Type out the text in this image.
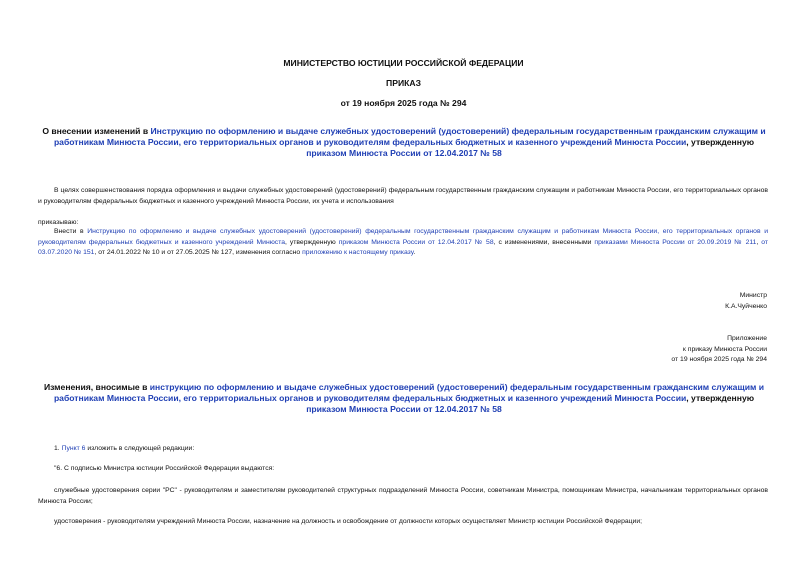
МИНИСТЕРСТВО ЮСТИЦИИ РОССИЙСКОЙ ФЕДЕРАЦИИ
ПРИКАЗ
от 19 ноября 2025 года № 294
О внесении изменений в Инструкцию по оформлению и выдаче служебных удостоверений (удостоверений) федеральным государственным гражданским служащим и работникам Минюста России, его территориальных органов и руководителям федеральных бюджетных и казенного учреждений Минюста России, утвержденную приказом Минюста России от 12.04.2017 № 58
В целях совершенствования порядка оформления и выдачи служебных удостоверений (удостоверений) федеральным государственным гражданским служащим и работникам Минюста России, его территориальных органов и руководителям федеральных бюджетных и казенного учреждений Минюста России, их учета и использования
приказываю:
Внести в Инструкцию по оформлению и выдаче служебных удостоверений (удостоверений) федеральным государственным гражданским служащим и работникам Минюста России, его территориальных органов и руководителям федеральных бюджетных и казенного учреждений Минюста, утвержденную приказом Минюста России от 12.04.2017 № 58, с изменениями, внесенными приказами Минюста России от 20.09.2019 № 211, от 03.07.2020 № 151, от 24.01.2022 № 10 и от 27.05.2025 № 127, изменения согласно приложению к настоящему приказу.
Министр
К.А.Чуйченко
Приложение
к приказу Минюста России
от 19 ноября 2025 года № 294
Изменения, вносимые в инструкцию по оформлению и выдаче служебных удостоверений (удостоверений) федеральным государственным гражданским служащим и работникам Минюста России, его территориальных органов и руководителям федеральных бюджетных и казенного учреждений Минюста России, утвержденную приказом Минюста России от 12.04.2017 № 58
1. Пункт 6 изложить в следующей редакции:
"6. С подписью Министра юстиции Российской Федерации выдаются:
служебные удостоверения серии "РС" - руководителям и заместителям руководителей структурных подразделений Минюста России, советникам Министра, помощникам Министра, начальникам территориальных органов Минюста России;
удостоверения - руководителям учреждений Минюста России, назначение на должность и освобождение от должности которых осуществляет Министр юстиции Российской Федерации;
